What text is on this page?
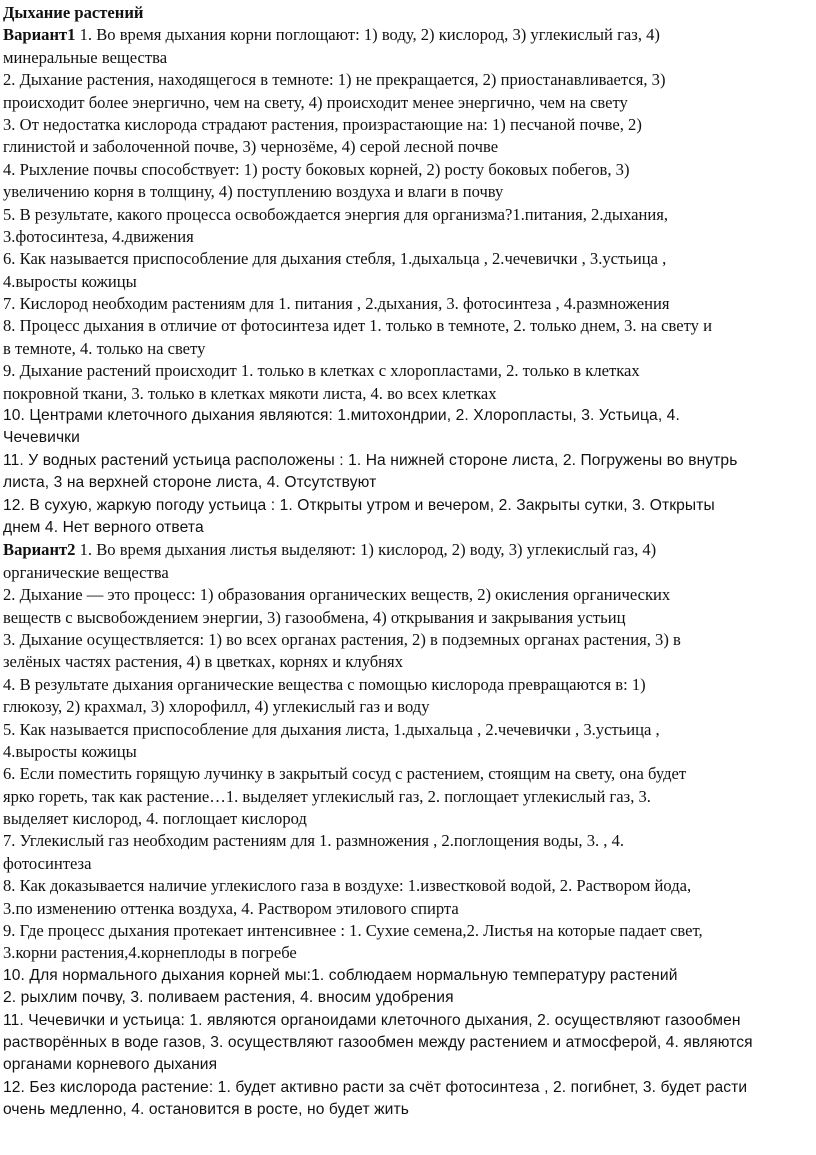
Дыхание растений
Вариант1 1. Во время дыхания корни поглощают: 1) воду, 2) кислород, 3) углекислый газ, 4)
минеральные вещества
2. Дыхание растения, находящегося в темноте: 1) не прекращается, 2) приостанавливается, 3)
происходит более энергично, чем на свету, 4) происходит менее энергично, чем на свету
3. От недостатка кислорода страдают растения, произрастающие на: 1) песчаной почве, 2)
глинистой и заболоченной почве, 3) чернозёме, 4) серой лесной почве
4. Рыхление почвы способствует: 1) росту боковых корней, 2) росту боковых побегов, 3)
увеличению корня в толщину, 4) поступлению воздуха и влаги в почву
5. В результате, какого процесса освобождается энергия для организма?1.питания, 2.дыхания,
3.фотосинтеза, 4.движения
6. Как называется приспособление для дыхания стебля, 1.дыхальца , 2.чечевички , 3.устьица ,
4.выросты кожицы
7. Кислород необходим растениям для 1. питания , 2.дыхания, 3. фотосинтеза , 4.размножения
8. Процесс дыхания в отличие от фотосинтеза идет 1. только в темноте, 2. только днем, 3. на свету и
в темноте, 4. только на свету
9. Дыхание растений происходит 1. только в клетках с хлоропластами, 2. только в клетках
покровной ткани, 3. только в клетках мякоти листа, 4. во всех клетках
10. Центрами клеточного дыхания являются: 1.митохондрии, 2. Хлоропласты, 3. Устьица, 4.
Чечевички
11. У водных растений устьица расположены : 1. На нижней стороне листа, 2. Погружены во внутрь
листа, 3 на верхней стороне листа, 4. Отсутствуют
12. В сухую, жаркую погоду устьица : 1. Открыты утром и вечером, 2. Закрыты сутки, 3. Открыты
днем 4. Нет верного ответа
Вариант2 1. Во время дыхания листья выделяют: 1) кислород, 2) воду, 3) углекислый газ, 4)
органические вещества
2. Дыхание — это процесс: 1) образования органических веществ, 2) окисления органических
веществ с высвобождением энергии, 3) газообмена, 4) открывания и закрывания устьиц
3. Дыхание осуществляется: 1) во всех органах растения, 2) в подземных органах растения, 3) в
зелёных частях растения, 4) в цветках, корнях и клубнях
4. В результате дыхания органические вещества с помощью кислорода превращаются в: 1)
глюкозу, 2) крахмал, 3) хлорофилл, 4) углекислый газ и воду
5. Как называется приспособление для дыхания листа, 1.дыхальца , 2.чечевички , 3.устьица ,
4.выросты кожицы
6. Если поместить горящую лучинку в закрытый сосуд с растением, стоящим на свету, она будет
ярко гореть, так как растение…1. выделяет углекислый газ, 2. поглощает углекислый газ, 3.
выделяет кислород, 4. поглощает кислород
7. Углекислый газ необходим растениям для 1. размножения , 2.поглощения воды, 3. , 4.
фотосинтеза
8. Как доказывается наличие углекислого газа в воздухе: 1.известковой водой, 2. Раствором йода,
3.по изменению оттенка воздуха, 4. Раствором этилового спирта
9. Где процесс дыхания протекает интенсивнее : 1. Сухие семена,2. Листья на которые падает свет,
3.корни растения,4.корнеплоды в погребе
10. Для нормального дыхания корней мы:1. соблюдаем нормальную температуру растений
2. рыхлим почву, 3. поливаем растения, 4. вносим удобрения
11. Чечевички и устьица: 1. являются органоидами клеточного дыхания, 2. осуществляют газообмен
растворённых в воде газов, 3. осуществляют газообмен между растением и атмосферой, 4. являются
органами корневого дыхания
12. Без кислорода растение: 1. будет активно расти за счёт фотосинтеза , 2. погибнет, 3. будет расти
очень медленно, 4. остановится в росте, но будет жить
